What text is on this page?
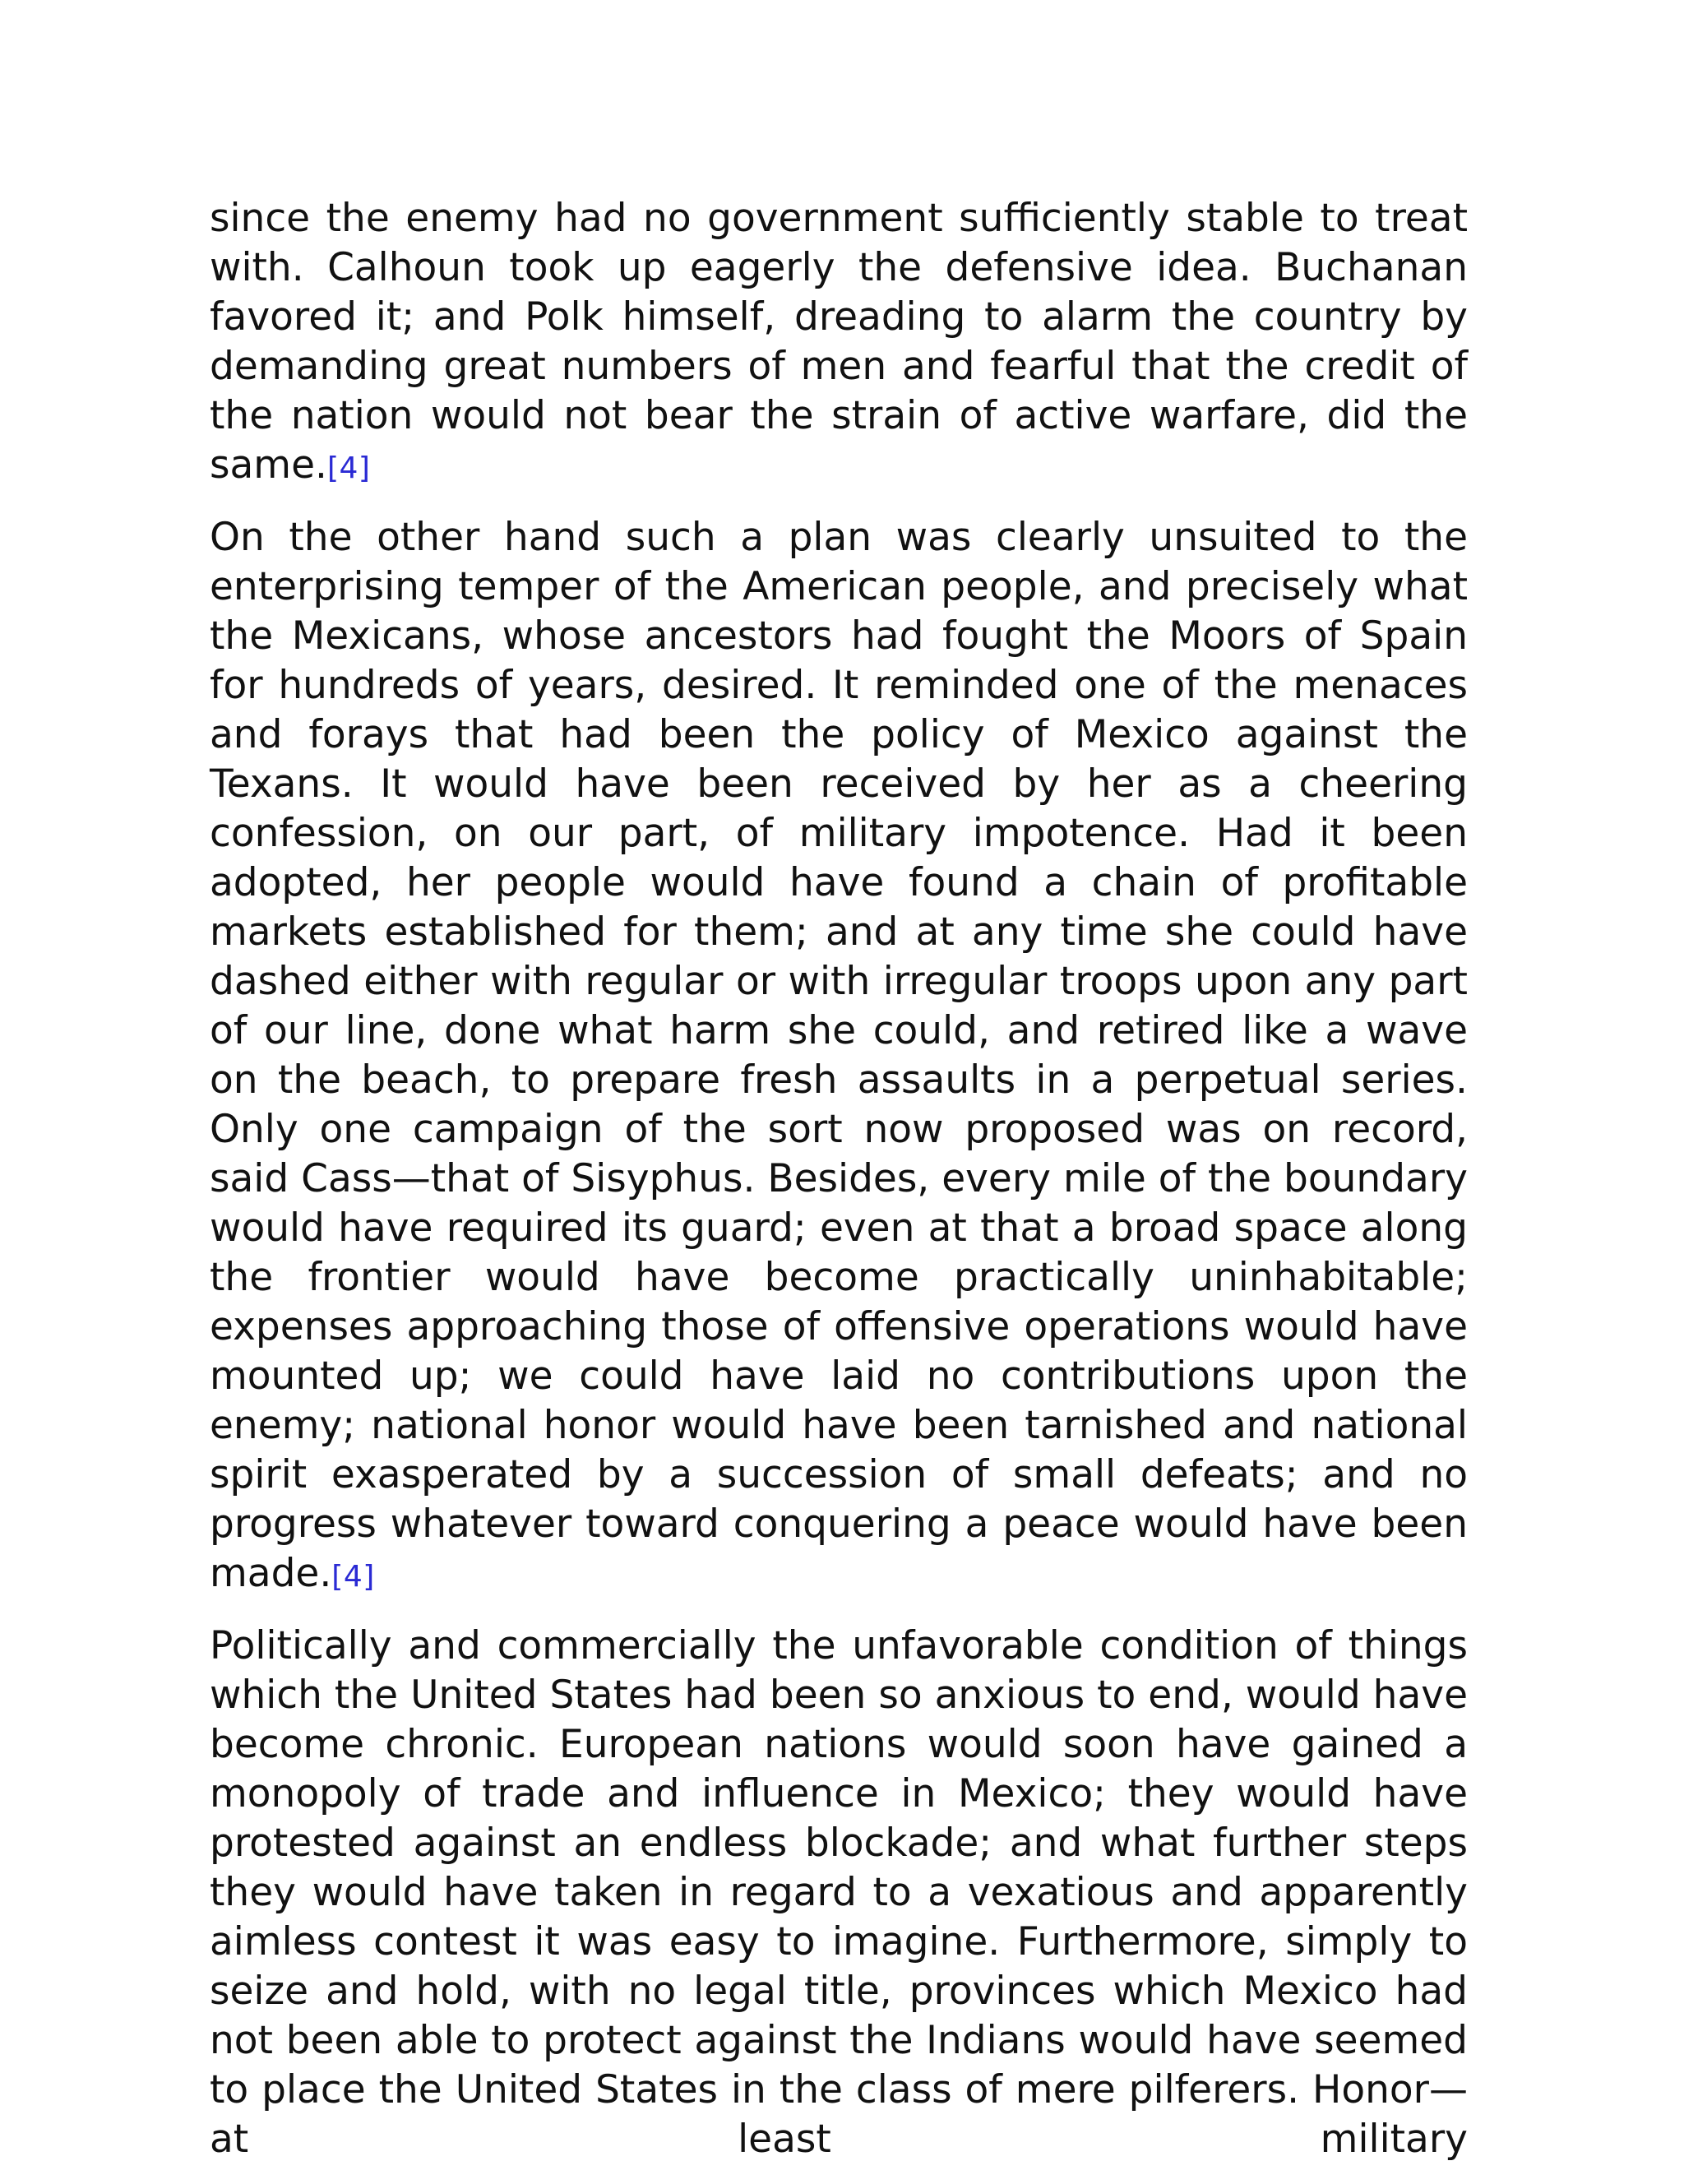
since the enemy had no government sufficiently stable to treat with. Calhoun took up eagerly the defensive idea. Buchanan favored it; and Polk himself, dreading to alarm the country by demanding great numbers of men and fearful that the credit of the nation would not bear the strain of active warfare, did the same.[4]

On the other hand such a plan was clearly unsuited to the enterprising temper of the American people, and precisely what the Mexicans, whose ancestors had fought the Moors of Spain for hundreds of years, desired. It reminded one of the menaces and forays that had been the policy of Mexico against the Texans. It would have been received by her as a cheering confession, on our part, of military impotence. Had it been adopted, her people would have found a chain of profitable markets established for them; and at any time she could have dashed either with regular or with irregular troops upon any part of our line, done what harm she could, and retired like a wave on the beach, to prepare fresh assaults in a perpetual series. Only one campaign of the sort now proposed was on record, said Cass—that of Sisyphus. Besides, every mile of the boundary would have required its guard; even at that a broad space along the frontier would have become practically uninhabitable; expenses approaching those of offensive operations would have mounted up; we could have laid no contributions upon the enemy; national honor would have been tarnished and national spirit exasperated by a succession of small defeats; and no progress whatever toward conquering a peace would have been made.[4]

Politically and commercially the unfavorable condition of things which the United States had been so anxious to end, would have become chronic. European nations would soon have gained a monopoly of trade and influence in Mexico; they would have protested against an endless blockade; and what further steps they would have taken in regard to a vexatious and apparently aimless contest it was easy to imagine. Furthermore, simply to seize and hold, with no legal title, provinces which Mexico had not been able to protect against the Indians would have seemed to place the United States in the class of mere pilferers. Honor—at least military
